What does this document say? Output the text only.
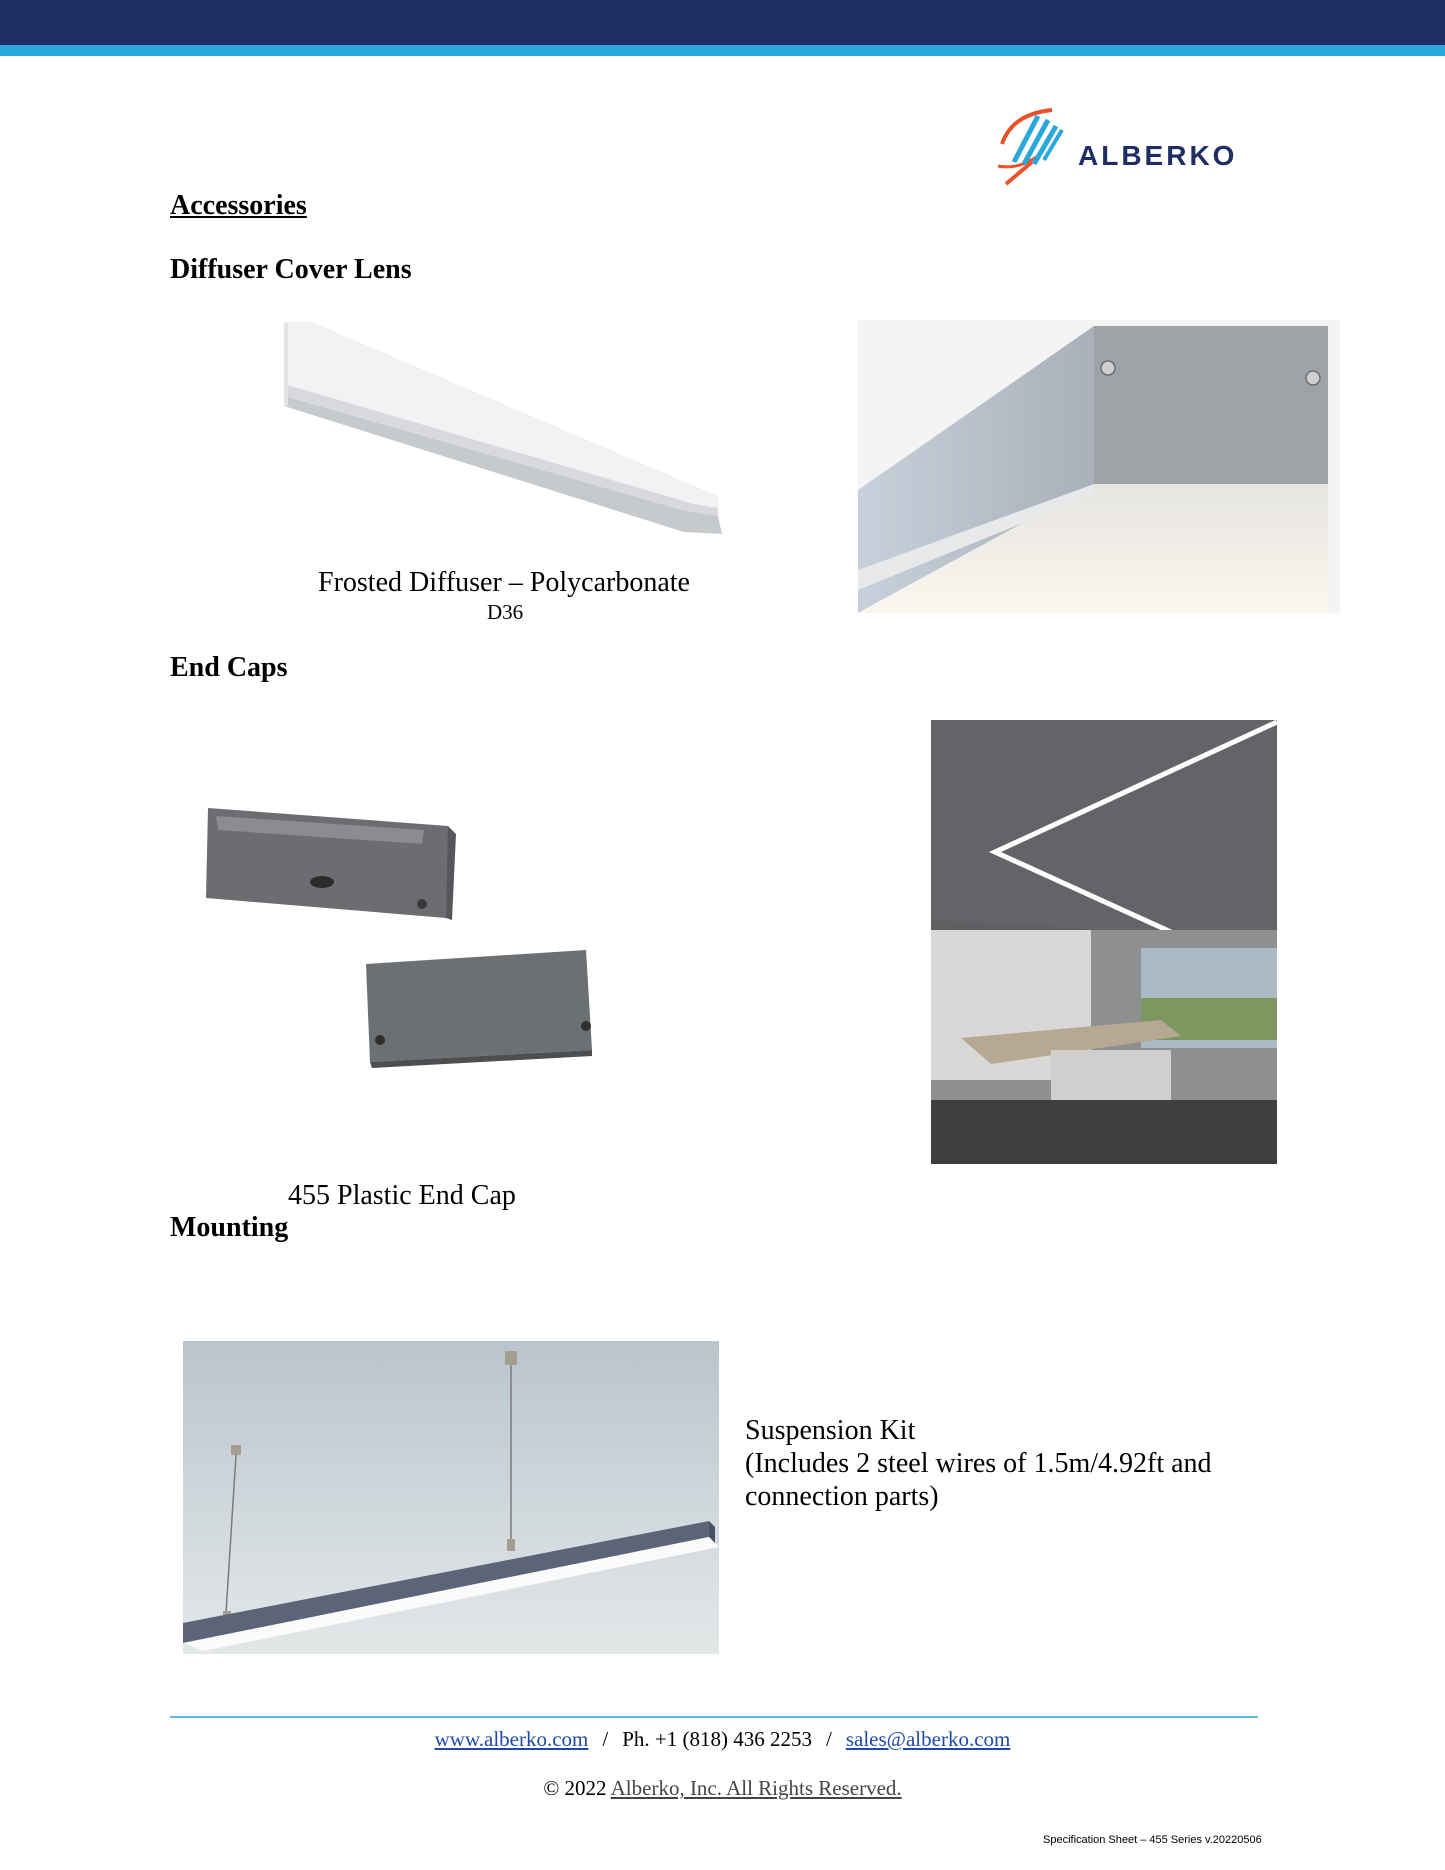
ALBERKO
Accessories
Diffuser Cover Lens
Frosted Diffuser – Polycarbonate
D36
End Caps
455 Plastic End Cap
Mounting
Suspension Kit
(Includes 2 steel wires of 1.5m/4.92ft and
connection parts)
www.alberko.com / Ph. +1 (818) 436 2253 / sales@alberko.com
© 2022 Alberko, Inc. All Rights Reserved.
Specification Sheet – 455 Series v.20220506
